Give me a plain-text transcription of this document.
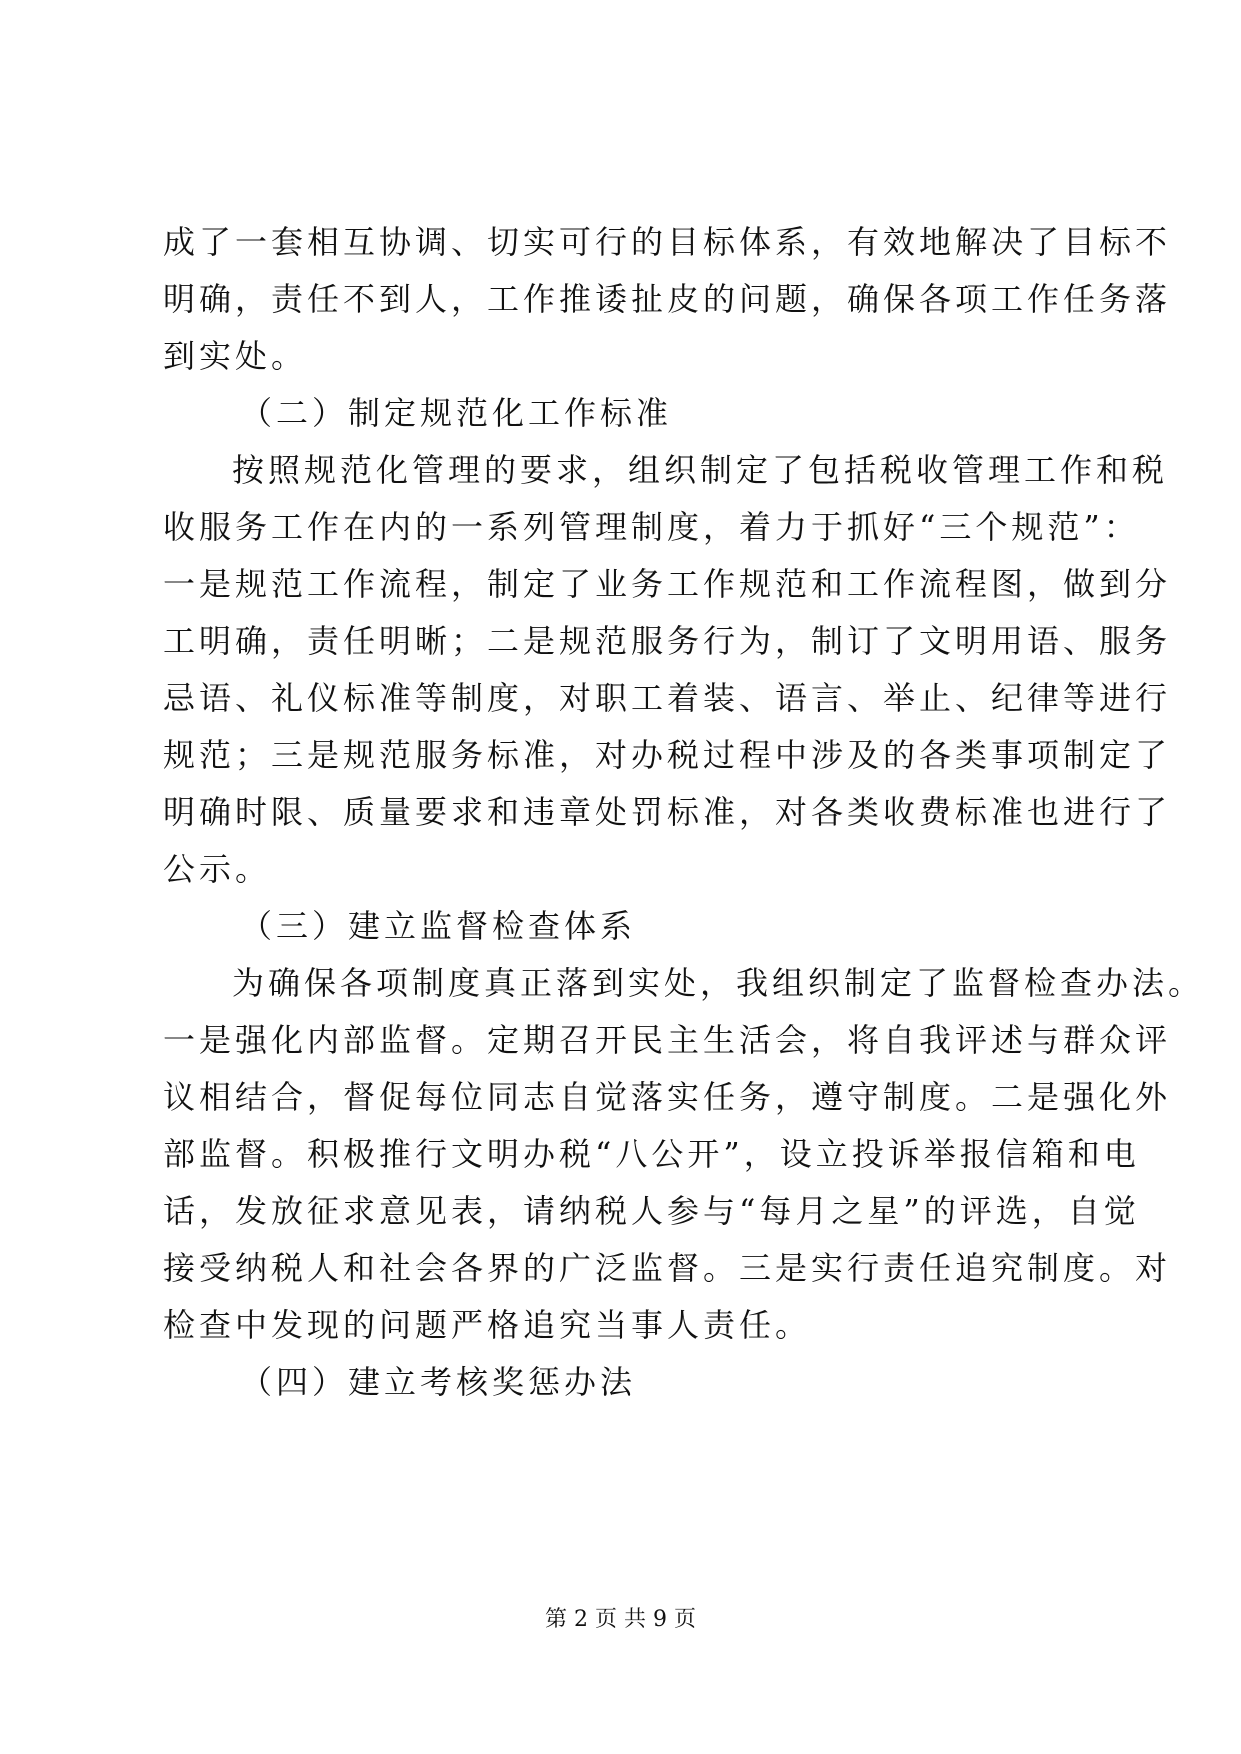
成了一套相互协调、切实可行的目标体系，有效地解决了目标不
明确，责任不到人，工作推诿扯皮的问题，确保各项工作任务落
到实处。
（二）制定规范化工作标准
按照规范化管理的要求，组织制定了包括税收管理工作和税
收服务工作在内的一系列管理制度，着力于抓好“三个规范”：
一是规范工作流程，制定了业务工作规范和工作流程图，做到分
工明确，责任明晰；二是规范服务行为，制订了文明用语、服务
忌语、礼仪标准等制度，对职工着装、语言、举止、纪律等进行
规范；三是规范服务标准，对办税过程中涉及的各类事项制定了
明确时限、质量要求和违章处罚标准，对各类收费标准也进行了
公示。
（三）建立监督检查体系
为确保各项制度真正落到实处，我组织制定了监督检查办法。
一是强化内部监督。定期召开民主生活会，将自我评述与群众评
议相结合，督促每位同志自觉落实任务，遵守制度。二是强化外
部监督。积极推行文明办税“八公开”，设立投诉举报信箱和电
话，发放征求意见表，请纳税人参与“每月之星”的评选，自觉
接受纳税人和社会各界的广泛监督。三是实行责任追究制度。对
检查中发现的问题严格追究当事人责任。
（四）建立考核奖惩办法
第 2 页 共 9 页
